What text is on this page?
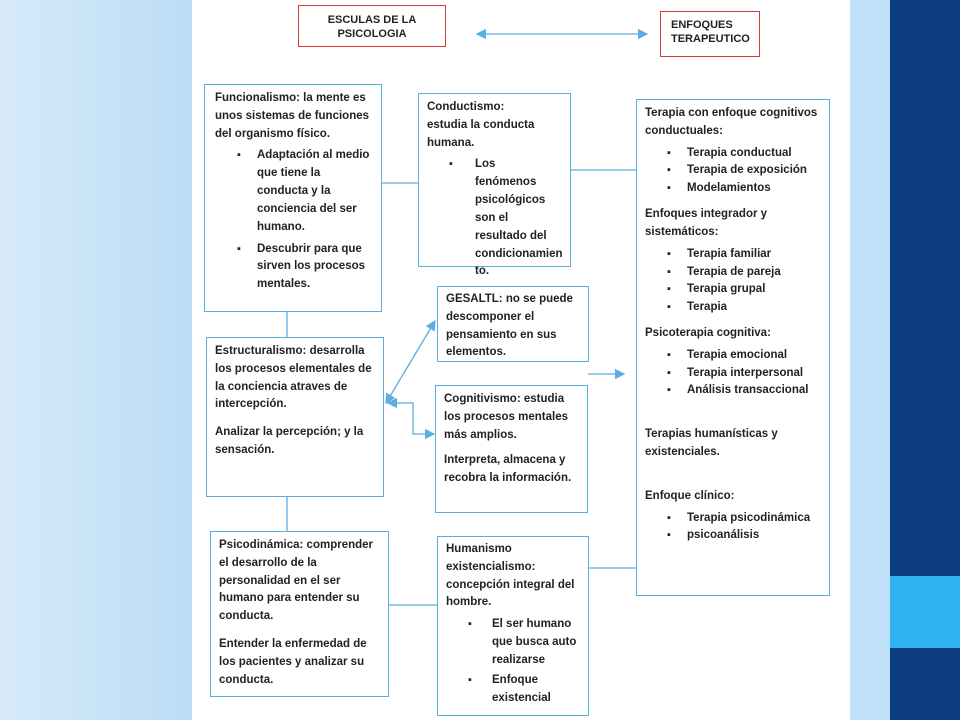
ESCULAS DE LA PSICOLOGIA
ENFOQUES TERAPEUTICO

Funcionalismo: la mente es unos sistemas de funciones del organismo físico.

▪ Adaptación al medio que tiene la conducta y la conciencia del ser humano.
▪ Descubrir para que sirven los procesos mentales.

Conductismo: estudia la conducta humana.

▪ Los fenómenos psicológicos son el resultado del condicionamien to.

Terapia con enfoque cognitivos conductuales:

▪ Terapia conductual
▪ Terapia de exposición
▪ Modelamientos

Enfoques integrador y sistemáticos:

▪ Terapia familiar
▪ Terapia de pareja
▪ Terapia grupal
▪ Terapia

Psicoterapia cognitiva:

▪ Terapia emocional
▪ Terapia interpersonal
▪ Análisis transaccional

Terapias humanísticas y existenciales.

Enfoque clínico:

▪ Terapia psicodinámica
▪ psicoanálisis

GESALTL: no se puede descomponer el pensamiento en sus elementos.

Estructuralismo: desarrolla los procesos elementales de la conciencia atraves de intercepción.

Analizar la percepción; y la sensación.

Cognitivismo: estudia los procesos mentales más amplios.

Interpreta, almacena y recobra la información.

Psicodinámica: comprender el desarrollo de la personalidad en el ser humano para entender su conducta.

Entender la enfermedad de los pacientes y analizar su conducta.

Humanismo existencialismo: concepción integral del hombre.

▪ El ser humano que busca auto realizarse
▪ Enfoque existencial
